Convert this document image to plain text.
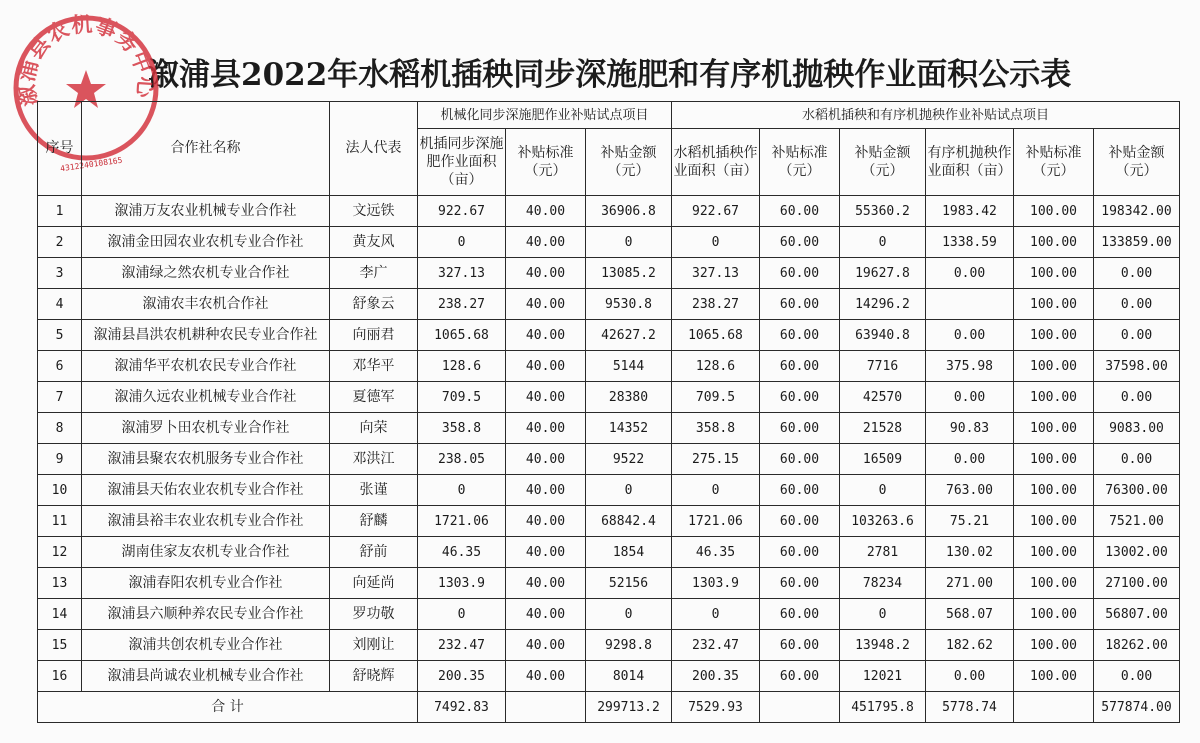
溆浦县2022年水稻机插秧同步深施肥和有序机抛秧作业面积公示表
溆浦县农机事务中心
4312240108165
序号	合作社名称	法人代表	机械化同步深施肥作业补贴试点项目			水稻机插秧和有序机抛秧作业补贴试点项目					
			机插同步深施肥作业面积（亩）	补贴标准（元）	补贴金额（元）	水稻机插秧作业面积（亩）	补贴标准（元）	补贴金额（元）	有序机抛秧作业面积（亩）	补贴标准（元）	补贴金额（元）
1	溆浦万友农业机械专业合作社	文远铁	922.67	40.00	36906.8	922.67	60.00	55360.2	1983.42	100.00	198342.00
2	溆浦金田园农业农机专业合作社	黄友风	0	40.00	0	0	60.00	0	1338.59	100.00	133859.00
3	溆浦绿之然农机专业合作社	李广	327.13	40.00	13085.2	327.13	60.00	19627.8	0.00	100.00	0.00
4	溆浦农丰农机合作社	舒象云	238.27	40.00	9530.8	238.27	60.00	14296.2		100.00	0.00
5	溆浦县昌洪农机耕种农民专业合作社	向丽君	1065.68	40.00	42627.2	1065.68	60.00	63940.8	0.00	100.00	0.00
6	溆浦华平农机农民专业合作社	邓华平	128.6	40.00	5144	128.6	60.00	7716	375.98	100.00	37598.00
7	溆浦久远农业机械专业合作社	夏德军	709.5	40.00	28380	709.5	60.00	42570	0.00	100.00	0.00
8	溆浦罗卜田农机专业合作社	向荣	358.8	40.00	14352	358.8	60.00	21528	90.83	100.00	9083.00
9	溆浦县聚农农机服务专业合作社	邓洪江	238.05	40.00	9522	275.15	60.00	16509	0.00	100.00	0.00
10	溆浦县天佑农业农机专业合作社	张谨	0	40.00	0	0	60.00	0	763.00	100.00	76300.00
11	溆浦县裕丰农业农机专业合作社	舒麟	1721.06	40.00	68842.4	1721.06	60.00	103263.6	75.21	100.00	7521.00
12	湖南佳家友农机专业合作社	舒前	46.35	40.00	1854	46.35	60.00	2781	130.02	100.00	13002.00
13	溆浦春阳农机专业合作社	向延尚	1303.9	40.00	52156	1303.9	60.00	78234	271.00	100.00	27100.00
14	溆浦县六顺种养农民专业合作社	罗功敬	0	40.00	0	0	60.00	0	568.07	100.00	56807.00
15	溆浦共创农机专业合作社	刘刚让	232.47	40.00	9298.8	232.47	60.00	13948.2	182.62	100.00	18262.00
16	溆浦县尚诚农业机械专业合作社	舒晓辉	200.35	40.00	8014	200.35	60.00	12021	0.00	100.00	0.00
合 计			7492.83		299713.2	7529.93		451795.8	5778.74		577874.00
